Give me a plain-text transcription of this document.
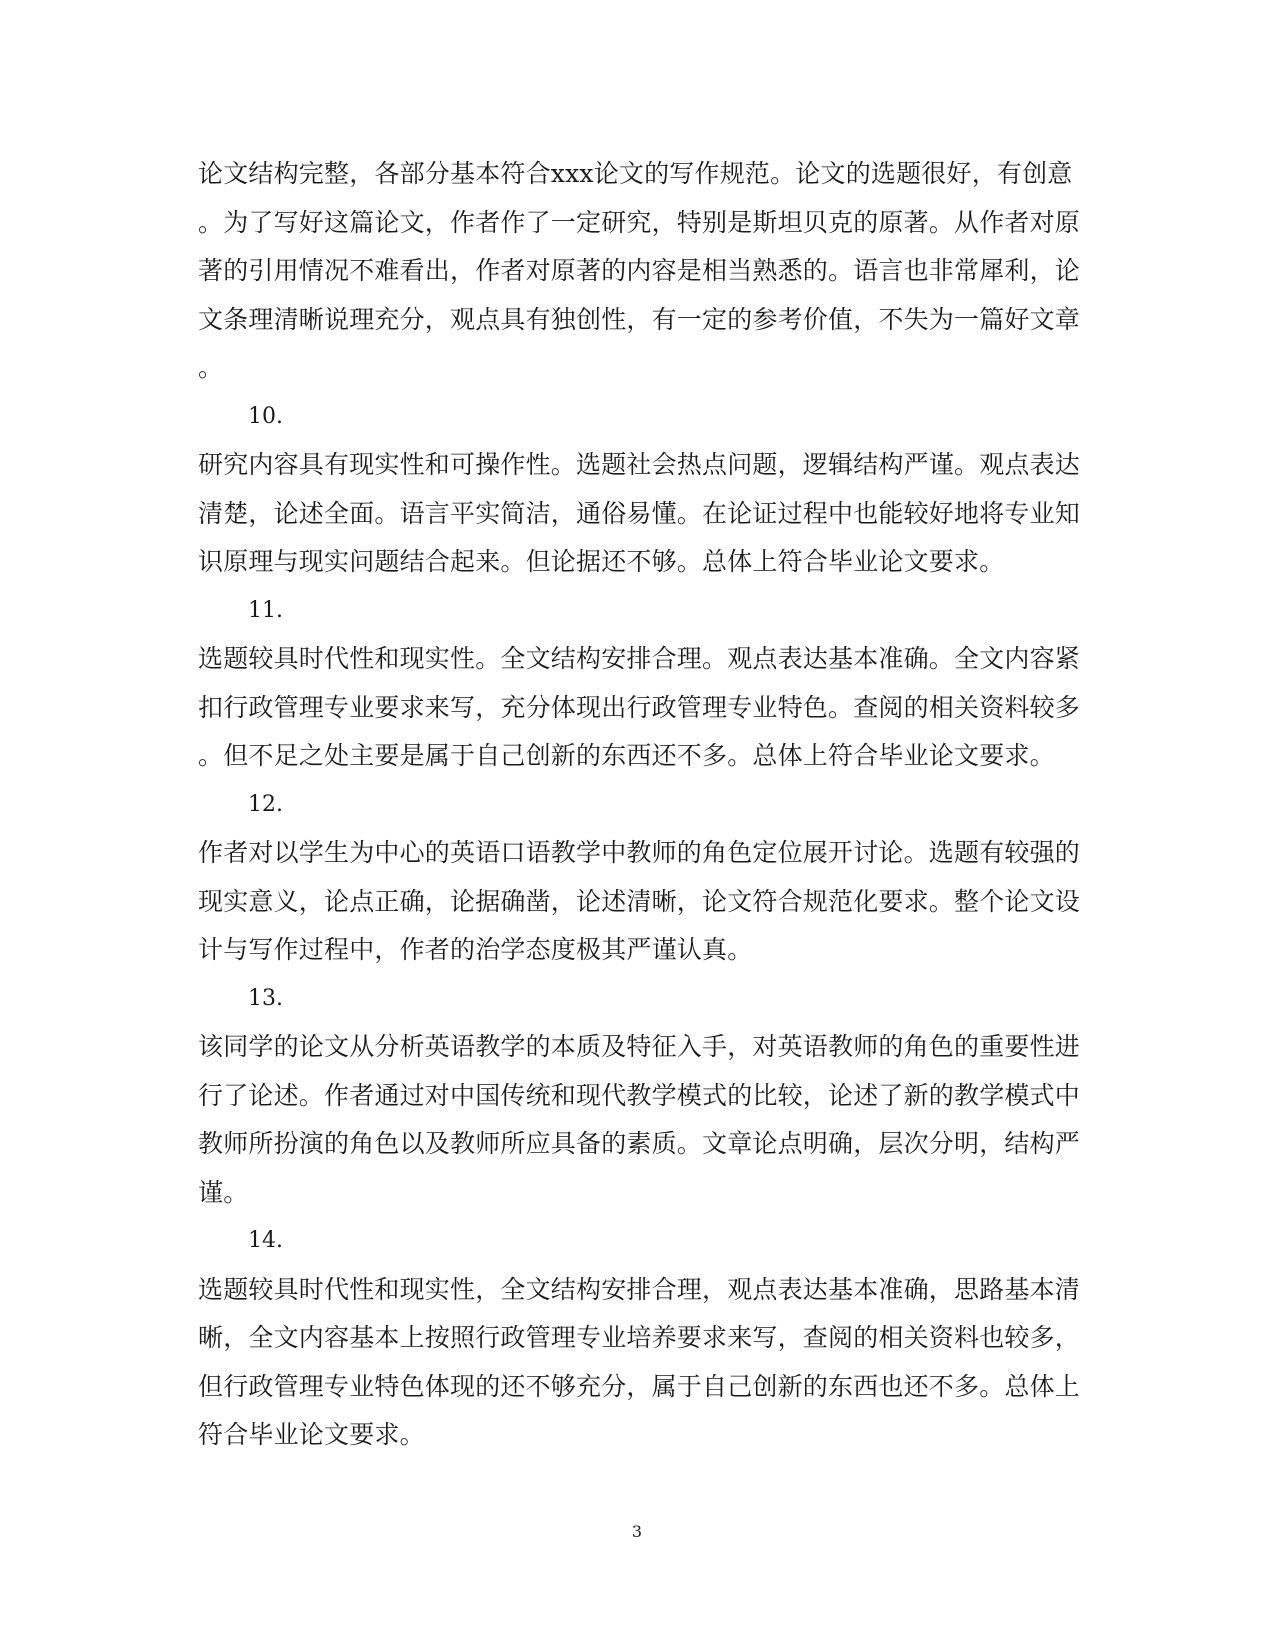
论文结构完整，各部分基本符合xxx论文的写作规范。论文的选题很好，有创意
。为了写好这篇论文，作者作了一定研究，特别是斯坦贝克的原著。从作者对原
著的引用情况不难看出，作者对原著的内容是相当熟悉的。语言也非常犀利，论
文条理清晰说理充分，观点具有独创性，有一定的参考价值，不失为一篇好文章
。
10.
研究内容具有现实性和可操作性。选题社会热点问题，逻辑结构严谨。观点表达
清楚，论述全面。语言平实简洁，通俗易懂。在论证过程中也能较好地将专业知
识原理与现实问题结合起来。但论据还不够。总体上符合毕业论文要求。
11.
选题较具时代性和现实性。全文结构安排合理。观点表达基本准确。全文内容紧
扣行政管理专业要求来写，充分体现出行政管理专业特色。查阅的相关资料较多
。但不足之处主要是属于自己创新的东西还不多。总体上符合毕业论文要求。
12.
作者对以学生为中心的英语口语教学中教师的角色定位展开讨论。选题有较强的
现实意义，论点正确，论据确凿，论述清晰，论文符合规范化要求。整个论文设
计与写作过程中，作者的治学态度极其严谨认真。
13.
该同学的论文从分析英语教学的本质及特征入手，对英语教师的角色的重要性进
行了论述。作者通过对中国传统和现代教学模式的比较，论述了新的教学模式中
教师所扮演的角色以及教师所应具备的素质。文章论点明确，层次分明，结构严
谨。
14.
选题较具时代性和现实性，全文结构安排合理，观点表达基本准确，思路基本清
晰，全文内容基本上按照行政管理专业培养要求来写，查阅的相关资料也较多，
但行政管理专业特色体现的还不够充分，属于自己创新的东西也还不多。总体上
符合毕业论文要求。
3
